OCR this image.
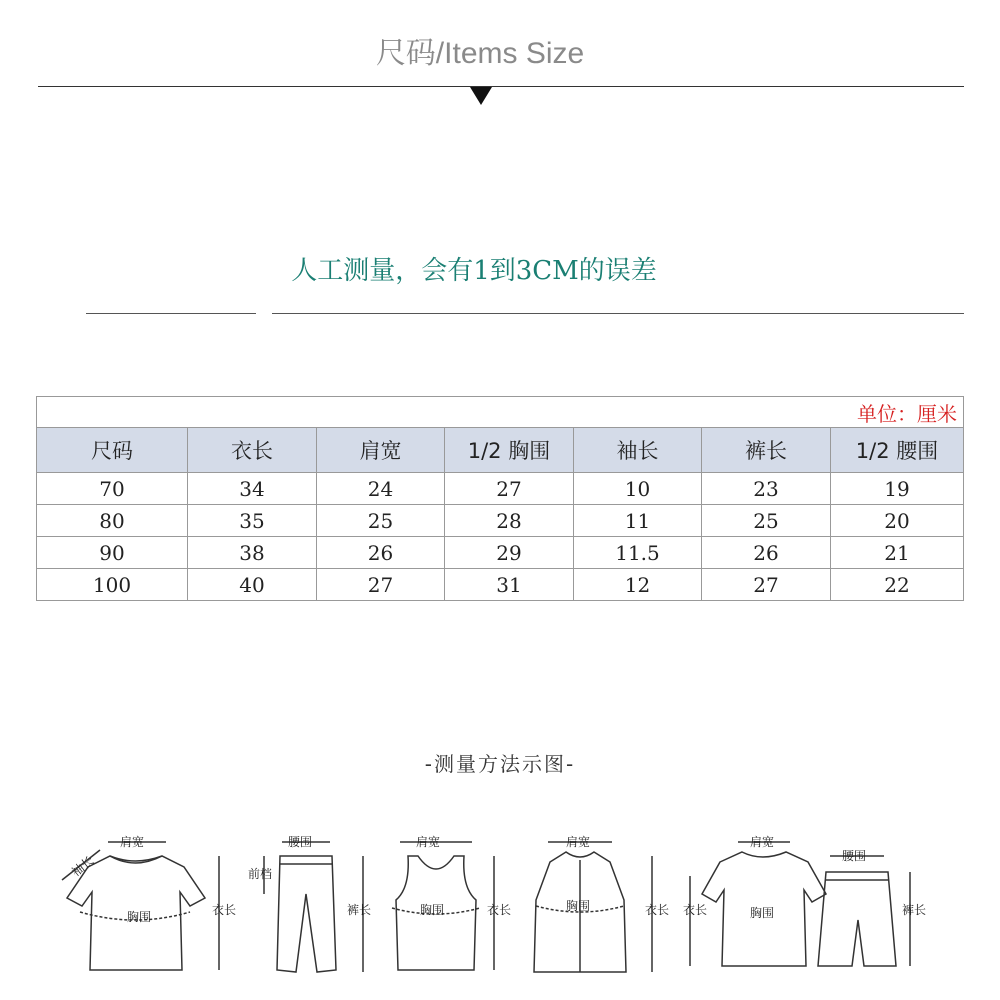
尺码/Items Size
人工测量，会有1到3CM的误差
单位：厘米						
尺码	衣长	肩宽	1/2 胸围	袖长	裤长	1/2 腰围
70	34	24	27	10	23	19
80	35	25	28	11	25	20
90	38	26	29	11.5	26	21
100	40	27	31	12	27	22
-测量方法示图-
肩宽
袖长
胸围	衣长
腰围
前档
裤长
肩宽
胸围	衣长
肩宽
胸围	衣长 衣长
肩宽
胸围
腰围
裤长
